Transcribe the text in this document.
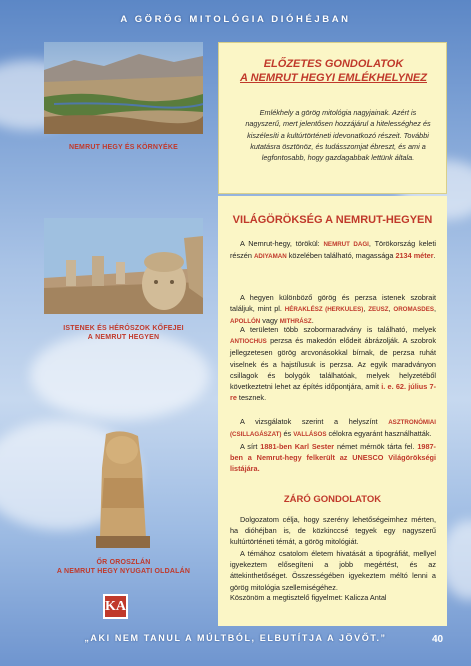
A GÖRÖG MITOLÓGIA DIÓHÉJBAN
NEMRUT HEGY ÉS KÖRNYÉKE
ISTENEK ÉS HÉRÓSZOK KŐFEJEI
А NEMRUT HEGYEN
ŐR OROSZLÁN
A NEMRUT HEGY NYUGATI OLDALÁN
KA
ELŐZETES GONDOLATOK
A NEMRUT HEGYI EMLÉKHELYNEZ
Emlékhely a görög mitológia nagyjainak. Azért is nagyszerű, mert jelentősen hozzájárul a hitelességhez és kiszélesíti a kultúrtörténeti idevonatkozó részeit. További kutatásra ösztönöz, és tudásszomjat ébreszt, és ami a legfontosabb, hogy gazdagabbak lettünk általa.
VILÁGÖRÖKSÉG A NEMRUT-HEGYEN
A Nemrut-hegy, törökül: NEMRUT DAGI, Törökország keleti részén ADIYAMAN közelében található, magassága 2134 méter.
A hegyen különböző görög és perzsa istenek szobrait találjuk, mint pl. HÉRAKLÉSZ (HERKULES), ZEUSZ, OROMASDES, APOLLÓN vagy MITHRÁSZ.
A területen több szobormaradvány is található, melyek ANTIOCHUS perzsa és makedón elődeit ábrázolják. A szobrok jellegzetesen görög arcvonásokkal bírnak, de perzsa ruhát viselnek és a hajstílusuk is perzsa. Az egyik maradványon csillagok és bolygók találhatóak, melyek helyzetéből következtetni lehet az építés időpontjára, amit i. e. 62. július 7-re tesznek.
A vizsgálatok szerint a helyszínt ASZTRONÓMIAI (CSILLAGÁSZAT) és VALLÁSOS célokra egyaránt használhatták.
A sírt 1881-ben Karl Sester német mérnök tárta fel. 1987-ben a Nemrut-hegy felkerült az UNESCO Világörökségi listájára.
ZÁRÓ GONDOLATOK
Dolgozatom célja, hogy szerény lehetőségeimhez mérten, ha dióhéjban is, de közkinccsé tegyek egy nagyszerű kultúrtörténeti témát, a görög mitológiát.
A témához csatolom életem hivatását a tipográfiát, mellyel igyekeztem elősegíteni a jobb megértést, és az áttekinthetőséget. Összességében igyekeztem méltó lenni a görög mitológia szellemiségéhez.
Köszönöm a megtisztelő figyelmet: Kalicza Antal
„AKI NEM TANUL A MÚLTBÓL, ELBUTÍTJA A JÖVŐT.”	40
